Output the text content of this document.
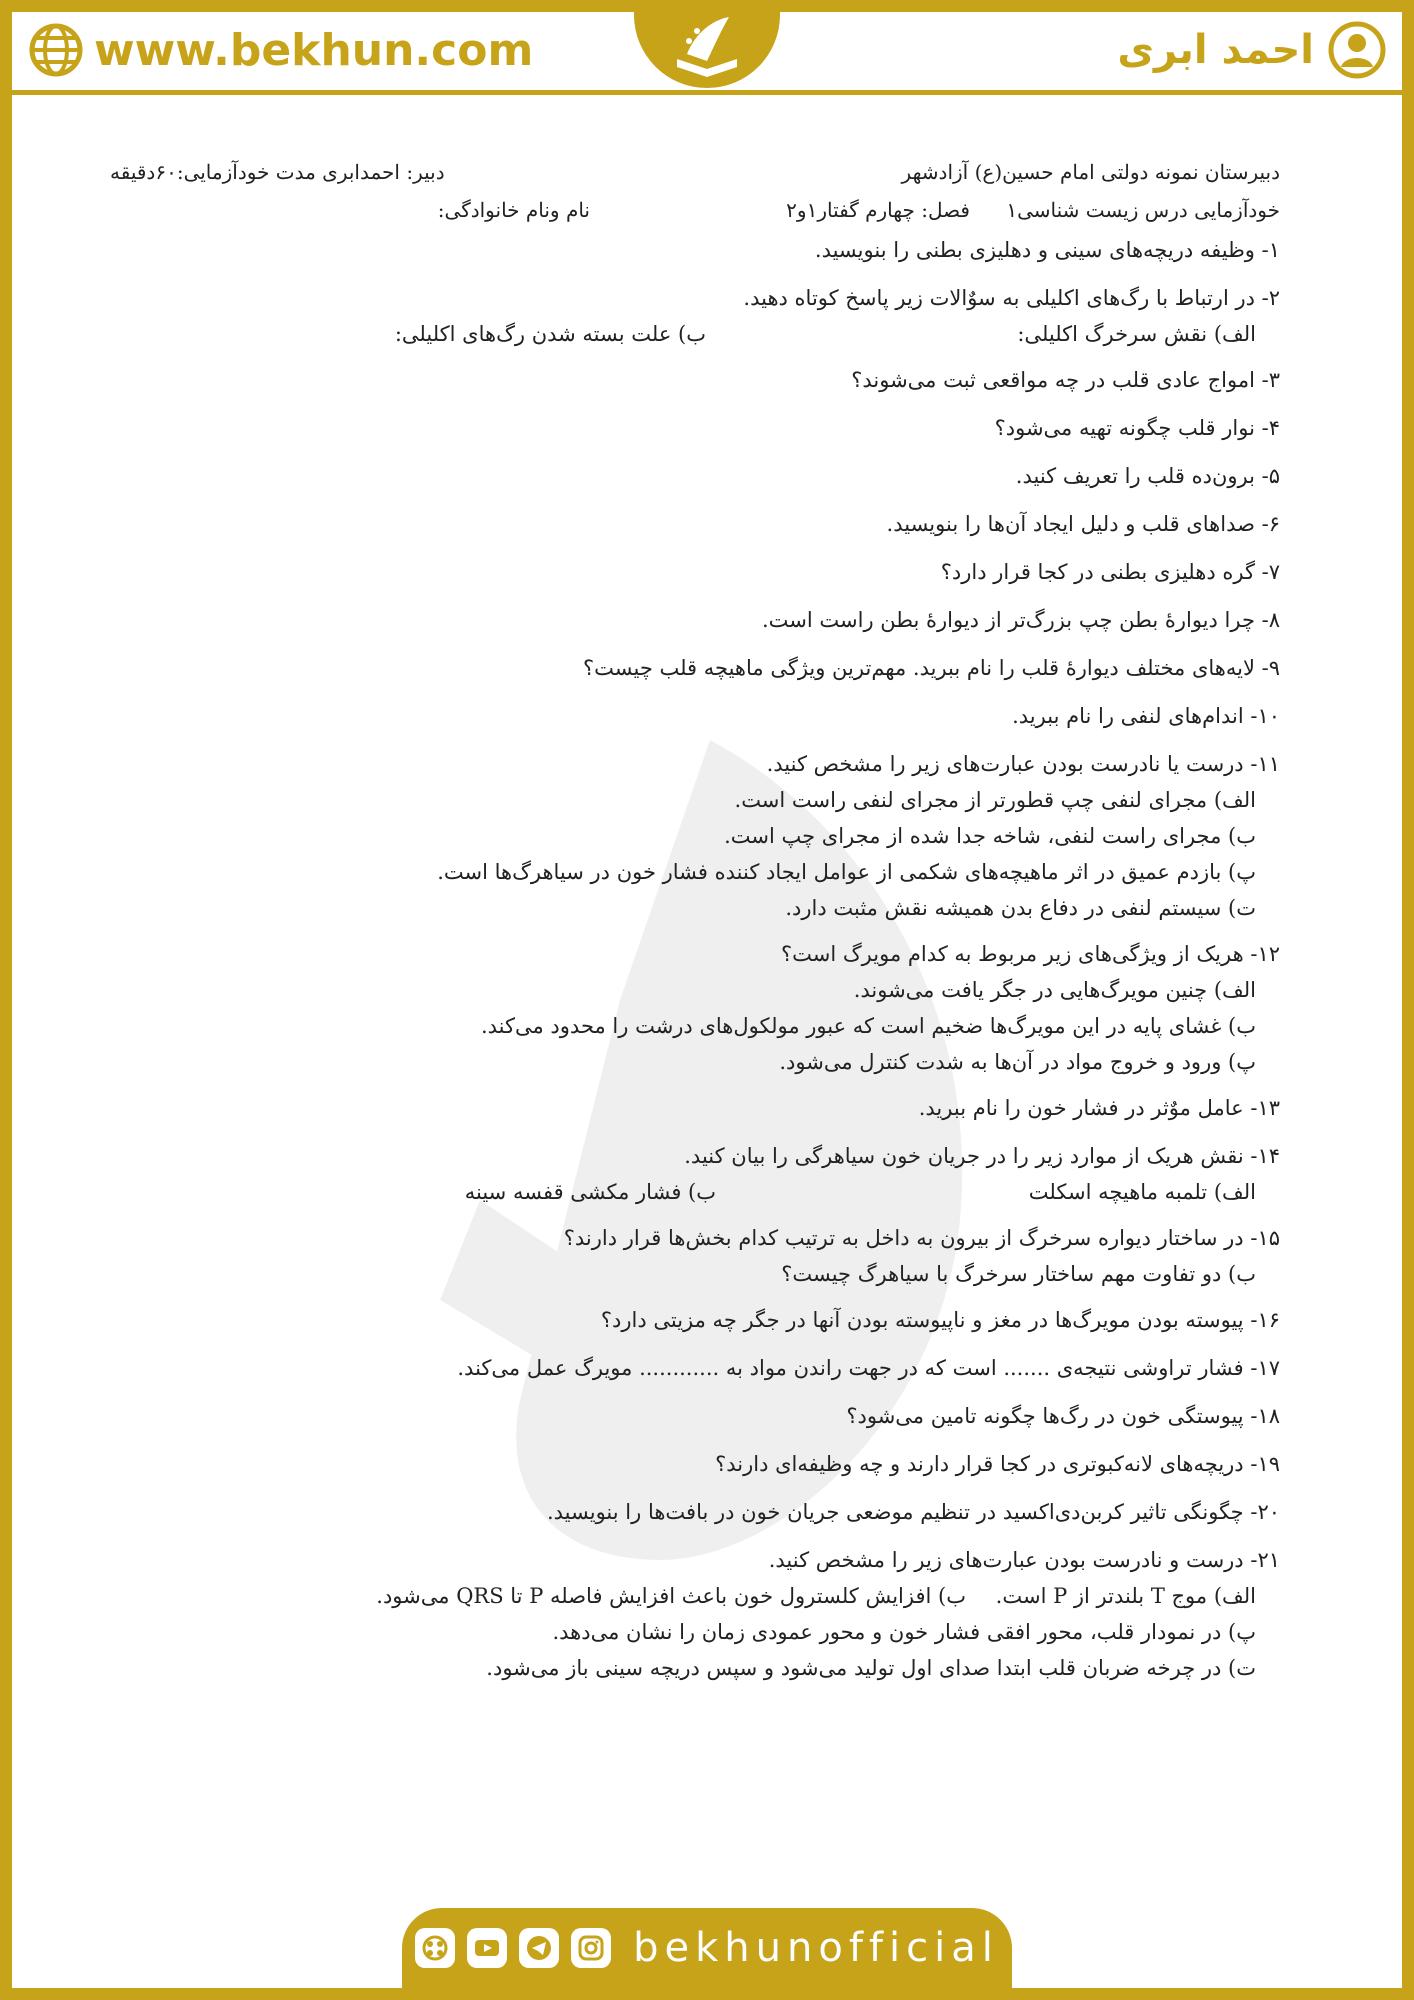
www.bekhun.com	احمد ابری
دبیرستان نمونه دولتی امام حسین(ع) آزادشهر
دبیر: احمدابری مدت خودآزمایی:۶۰دقیقه
خودآزمایی درس زیست شناسی۱
فصل: چهارم گفتار۱و۲
نام ونام خانوادگی:
۱- وظیفه دریچه‌های سینی و دهلیزی بطنی را بنویسید.
۲- در ارتباط با رگ‌های اکلیلی به سوٌالات زیر پاسخ کوتاه دهید.
الف) نقش سرخرگ اکلیلی:
ب) علت بسته شدن رگ‌های اکلیلی:
۳- امواج عادی قلب در چه مواقعی ثبت می‌شوند؟
۴- نوار قلب چگونه تهیه می‌شود؟
۵- برون‌ده قلب را تعریف کنید.
۶- صداهای قلب و دلیل ایجاد آن‌ها را بنویسید.
۷- گره دهلیزی بطنی در کجا قرار دارد؟
۸- چرا دیوارهٔ بطن چپ بزرگ‌تر از دیوارهٔ بطن راست است.
۹- لایه‌های مختلف دیوارهٔ قلب را نام ببرید. مهم‌ترین ویژگی ماهیچه قلب چیست؟
۱۰- اندام‌های لنفی را نام ببرید.
۱۱- درست یا نادرست بودن عبارت‌های زیر را مشخص کنید.
الف) مجرای لنفی چپ قطورتر از مجرای لنفی راست است.
ب) مجرای راست لنفی، شاخه جدا شده از مجرای چپ است.
پ) بازدم عمیق در اثر ماهیچه‌های شکمی از عوامل ایجاد کننده فشار خون در سیاهرگ‌ها است.
ت) سیستم لنفی در دفاع بدن همیشه نقش مثبت دارد.
۱۲- هریک از ویژگی‌های زیر مربوط به کدام مویرگ است؟
الف) چنین مویرگ‌هایی در جگر یافت می‌شوند.
ب) غشای پایه در این مویرگ‌ها ضخیم است که عبور مولکول‌های درشت را محدود می‌کند.
پ) ورود و خروج مواد در آن‌ها به شدت کنترل می‌شود.
۱۳- عامل موٌثر در فشار خون را نام ببرید.
۱۴- نقش هریک از موارد زیر را در جریان خون سیاهرگی را بیان کنید.
الف) تلمبه ماهیچه اسکلت
ب) فشار مکشی قفسه سینه
۱۵- در ساختار دیواره سرخرگ از بیرون به داخل به ترتیب کدام بخش‌ها قرار دارند؟
ب) دو تفاوت مهم ساختار سرخرگ با سیاهرگ چیست؟
۱۶- پیوسته بودن مویرگ‌ها در مغز و ناپیوسته بودن آنها در جگر چه مزیتی دارد؟
۱۷- فشار تراوشی نتیجه‌ی ....... است که در جهت راندن مواد به ............ مویرگ عمل می‌کند.
۱۸- پیوستگی خون در رگ‌ها چگونه تامین می‌شود؟
۱۹- دریچه‌های لانه‌کبوتری در کجا قرار دارند و چه وظیفه‌ای دارند؟
۲۰- چگونگی تاثیر کربن‌دی‌اکسید در تنظیم موضعی جریان خون در بافت‌ها را بنویسید.
۲۱- درست و نادرست بودن عبارت‌های زیر را مشخص کنید.
الف) موج T بلندتر از P است.
ب) افزایش کلسترول خون باعث افزایش فاصله P تا QRS می‌شود.
پ) در نمودار قلب، محور افقی فشار خون و محور عمودی زمان را نشان می‌دهد.
ت) در چرخه ضربان قلب ابتدا صدای اول تولید می‌شود و سپس دریچه سینی باز می‌شود.
bekhunofficial
